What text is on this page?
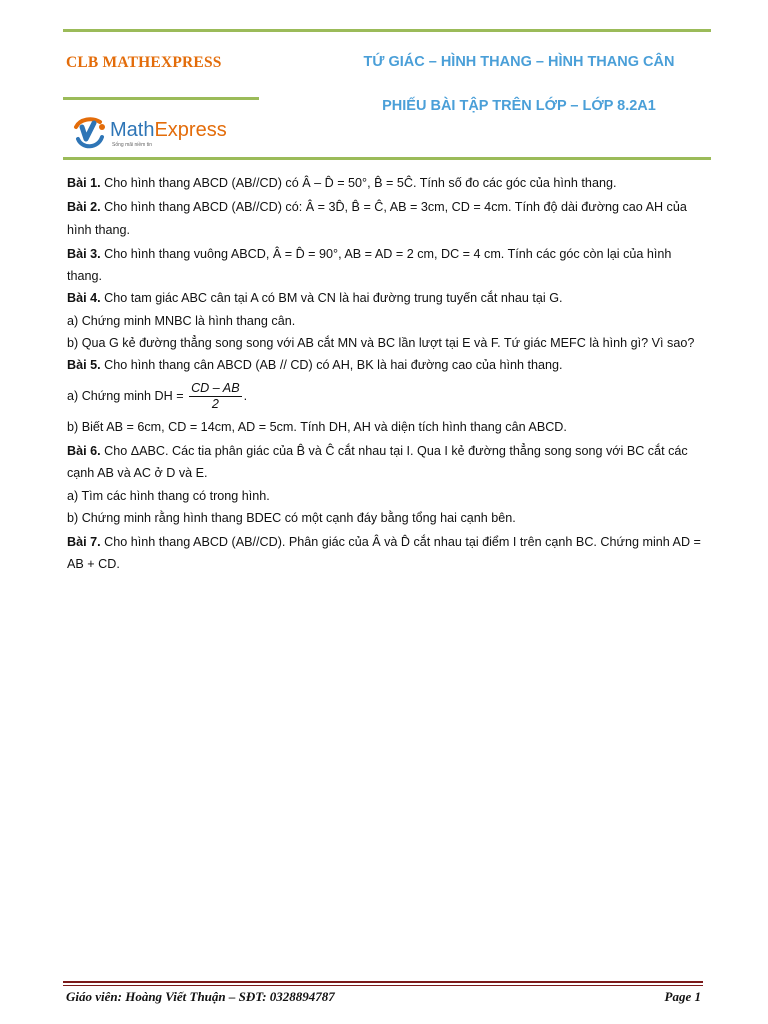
CLB MATHEXPRESS	TỨ GIÁC – HÌNH THANG – HÌNH THANG CÂN
PHIẾU BÀI TẬP TRÊN LỚP – LỚP 8.2A1
MathExpress
Sống mãi niềm tin

Bài 1. Cho hình thang ABCD (AB//CD) có Â – D̂ = 50°, B̂ = 5Ĉ. Tính số đo các góc của hình thang.

Bài 2. Cho hình thang ABCD (AB//CD) có: Â = 3D̂, B̂ = Ĉ, AB = 3cm, CD = 4cm. Tính độ dài đường cao AH của hình thang.

Bài 3. Cho hình thang vuông ABCD, Â = D̂ = 90°, AB = AD = 2 cm, DC = 4 cm. Tính các góc còn lại của hình thang.

Bài 4. Cho tam giác ABC cân tại A có BM và CN là hai đường trung tuyến cắt nhau tại G.

a) Chứng minh MNBC là hình thang cân.

b) Qua G kẻ đường thẳng song song với AB cắt MN và BC lần lượt tại E và F. Tứ giác MEFC là hình gì? Vì sao?

Bài 5. Cho hình thang cân ABCD (AB // CD) có AH, BK là hai đường cao của hình thang.

a) Chứng minh DH = $\frac{CD - AB}{2}$ .

b) Biết AB = 6cm, CD = 14cm, AD = 5cm. Tính DH, AH và diện tích hình thang cân ABCD.

Bài 6. Cho ΔABC. Các tia phân giác của B̂ và Ĉ cắt nhau tại I. Qua I kẻ đường thẳng song song với BC cắt các cạnh AB và AC ở D và E.

a) Tìm các hình thang có trong hình.

b) Chứng minh rằng hình thang BDEC có một cạnh đáy bằng tổng hai cạnh bên.

Bài 7. Cho hình thang ABCD (AB//CD). Phân giác của Â và D̂ cắt nhau tại điểm I trên cạnh BC. Chứng minh AD = AB + CD.

Giáo viên: Hoàng Viết Thuận – SĐT: 0328894787	Page 1
